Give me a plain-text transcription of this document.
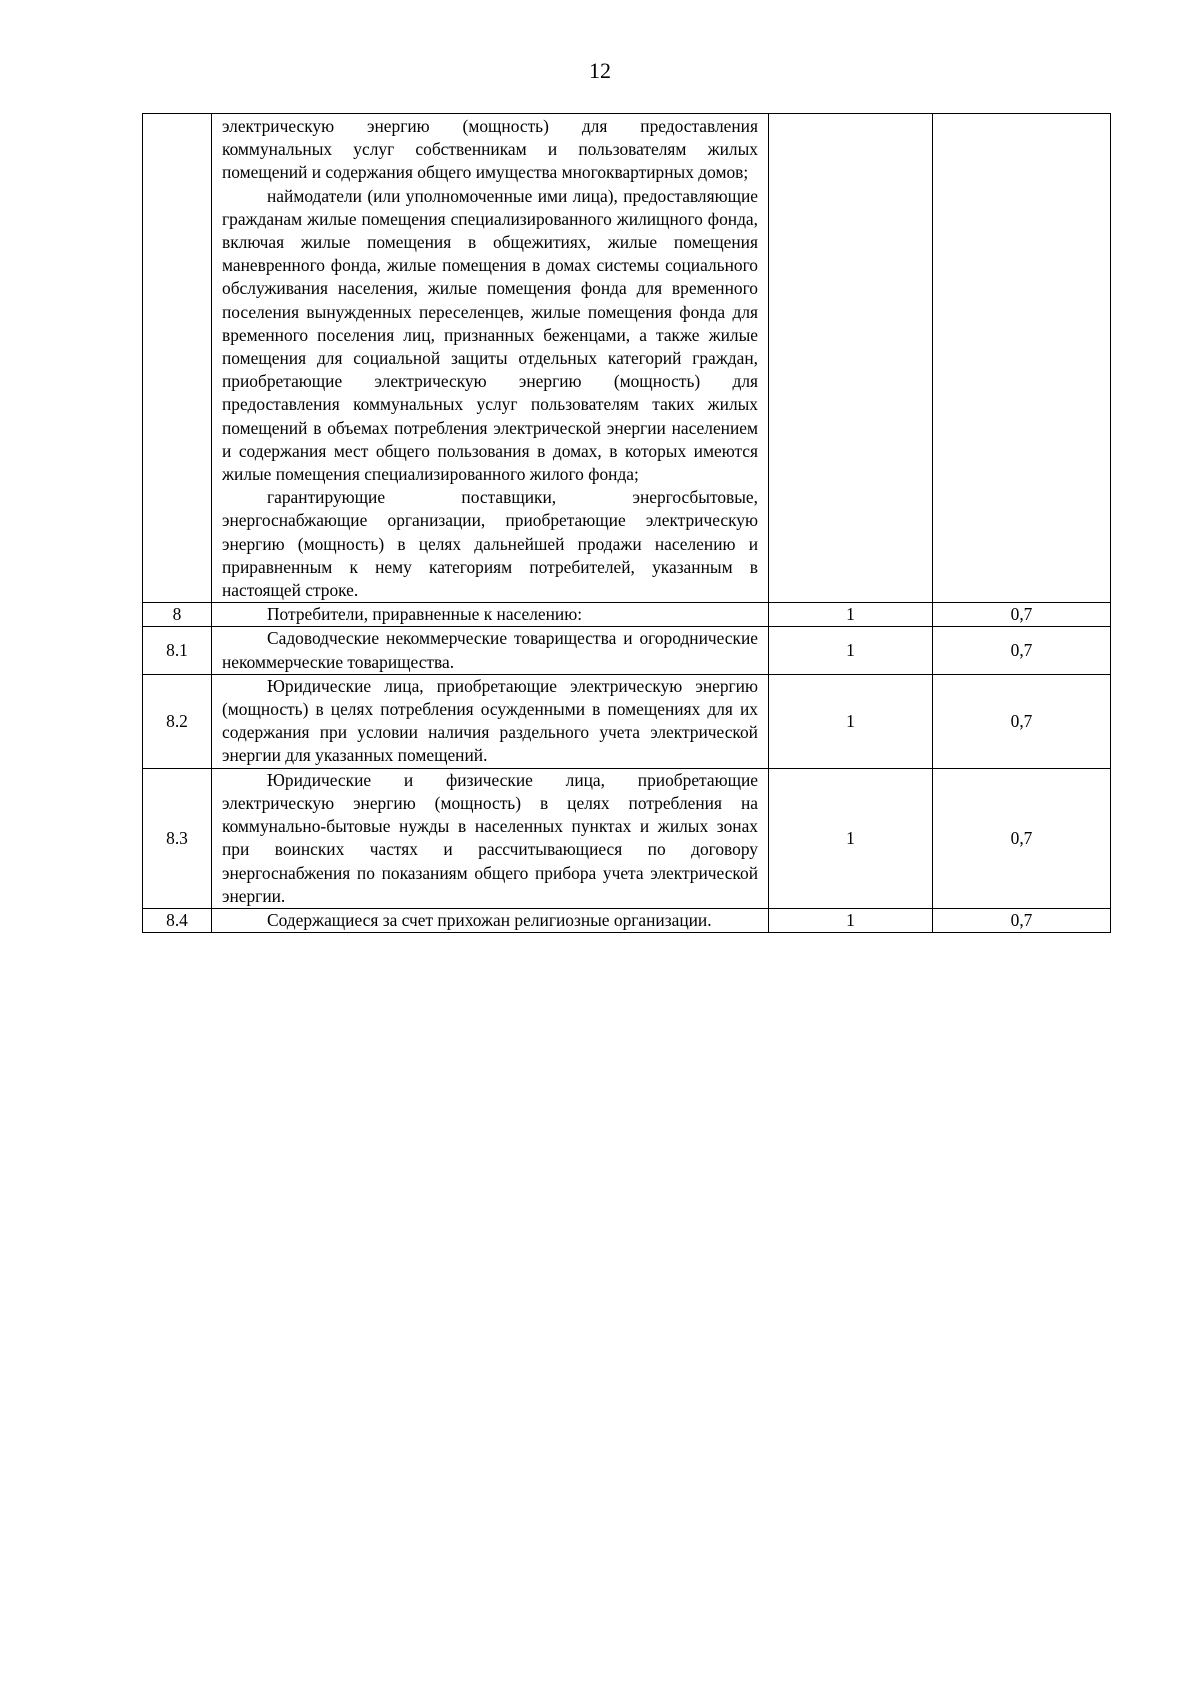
12

	электрическую энергию (мощность) для предоставления коммунальных услуг собственникам и пользователям жилых помещений и содержания общего имущества многоквартирных домов;

наймодатели (или уполномоченные ими лица), предоставляющие гражданам жилые помещения специализированного жилищного фонда, включая жилые помещения в общежитиях, жилые помещения маневренного фонда, жилые помещения в домах системы социального обслуживания населения, жилые помещения фонда для временного поселения вынужденных переселенцев, жилые помещения фонда для временного поселения лиц, признанных беженцами, а также жилые помещения для социальной защиты отдельных категорий граждан, приобретающие электрическую энергию (мощность) для предоставления коммунальных услуг пользователям таких жилых помещений в объемах потребления электрической энергии населением и содержания мест общего пользования в домах, в которых имеются жилые помещения специализированного жилого фонда;

гарантирующие поставщики, энергосбытовые, энергоснабжающие организации, приобретающие электрическую энергию (мощность) в целях дальнейшей продажи населению и приравненным к нему категориям потребителей, указанным в настоящей строке.		

8	Потребители, приравненные к населению:	1	0,7
8.1	Садоводческие некоммерческие товарищества и огороднические некоммерческие товарищества.	1	0,7
8.2	Юридические лица, приобретающие электрическую энергию (мощность) в целях потребления осужденными в помещениях для их содержания при условии наличия раздельного учета электрической энергии для указанных помещений.	1	0,7
8.3	Юридические и физические лица, приобретающие электрическую энергию (мощность) в целях потребления на коммунально-бытовые нужды в населенных пунктах и жилых зонах при воинских частях и рассчитывающиеся по договору энергоснабжения по показаниям общего прибора учета электрической энергии.	1	0,7
8.4	Содержащиеся за счет прихожан религиозные организации.	1	0,7
